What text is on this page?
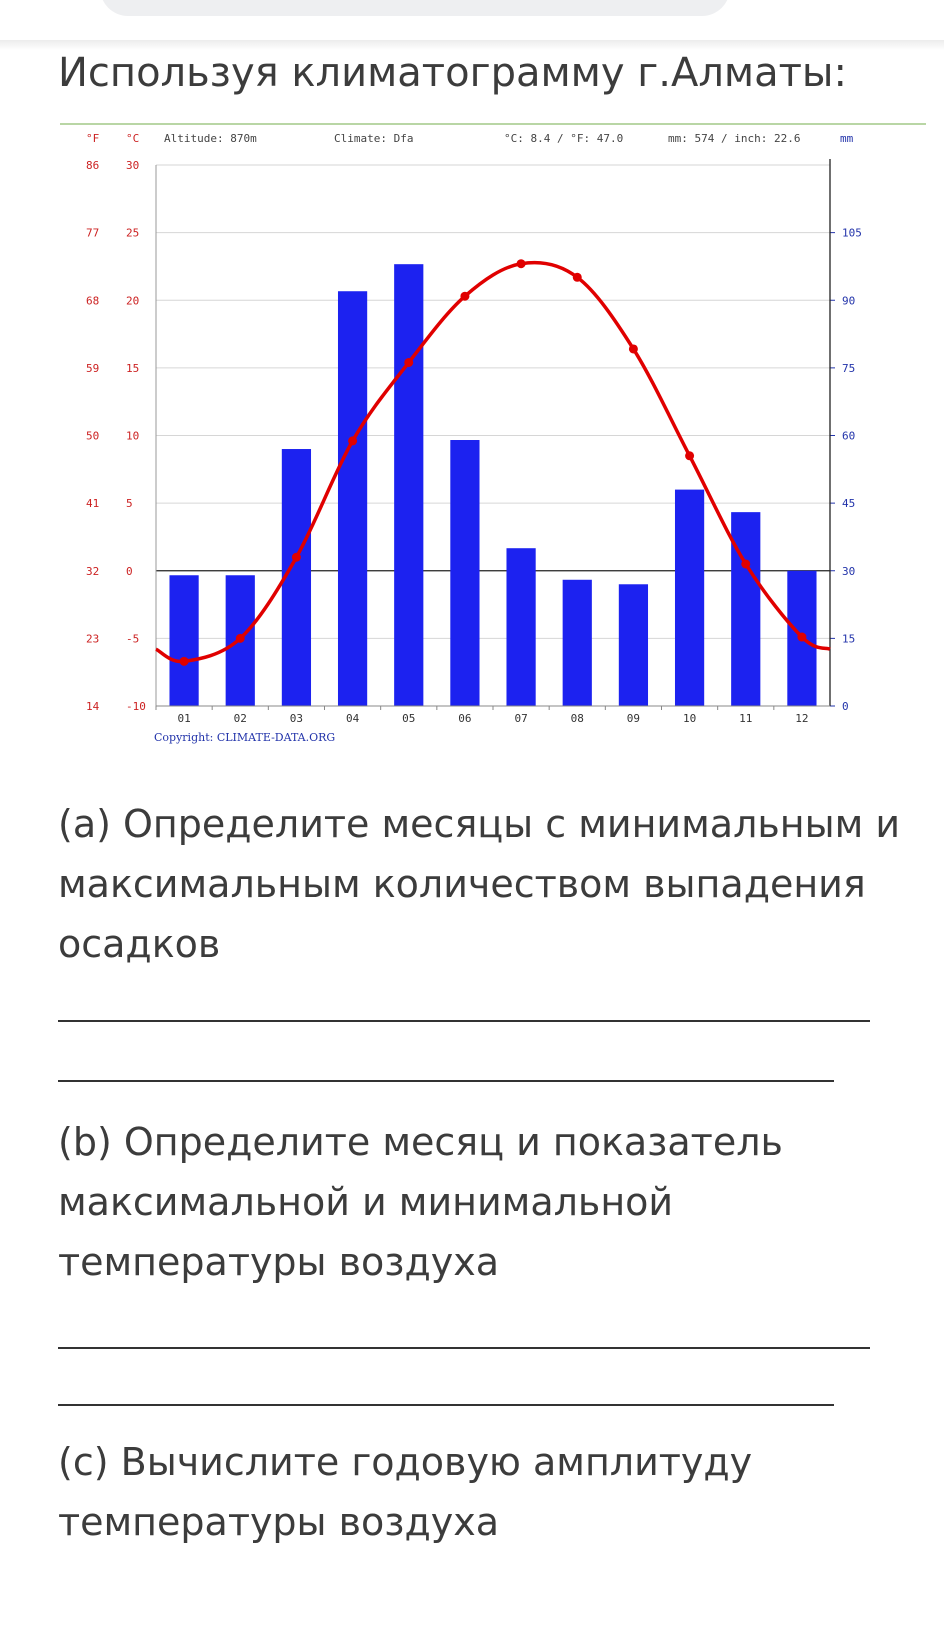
Используя климатограмму г.Алматы:
30
86
25
77
20
68
15
59
10
50
5
41
0
32
-5
23
-10
14
105
90
75
60
45
30
15
0
01	02	03	04	05	06	07	08	09	10	11	12
°F °C Altitude: 870m	Climate: Dfa	°C: 8.4 / °F: 47.0	mm: 574 / inch: 22.6	mm
Copyright: CLIMATE-DATA.ORG
(a) Определите месяцы с минимальным и максимальным количеством выпадения осадков
(b) Определите месяц и показатель максимальной и минимальной температуры воздуха
(c) Вычислите годовую амплитуду температуры воздуха
